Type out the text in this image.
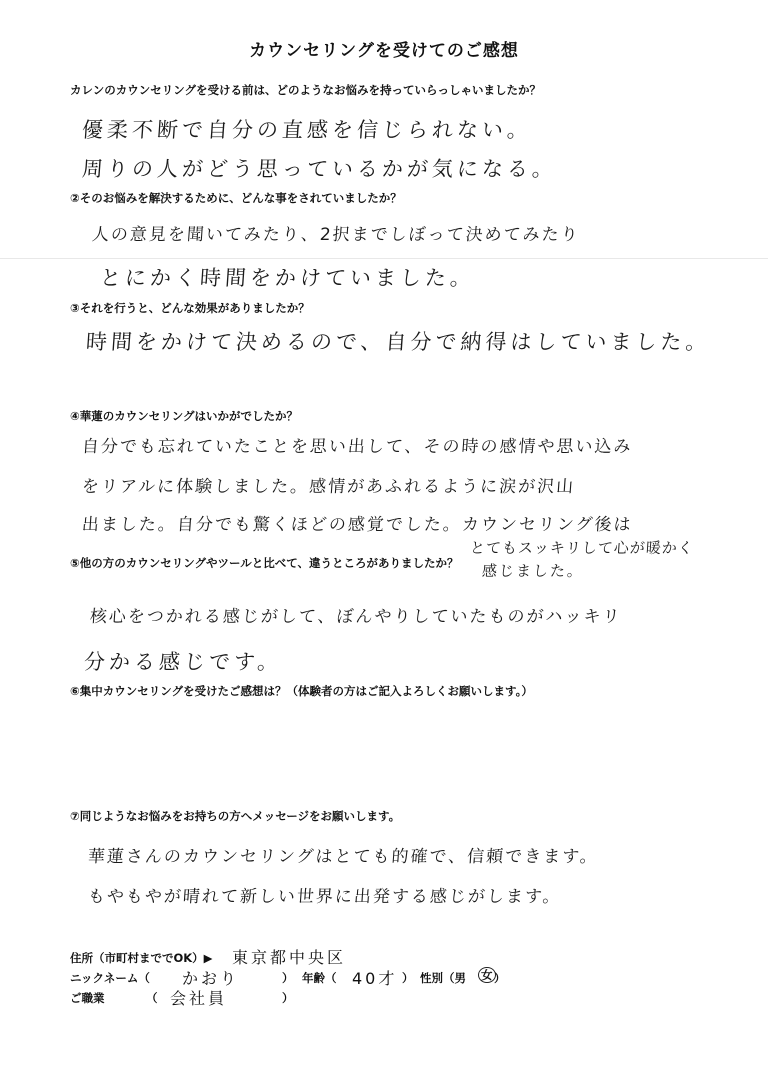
カウンセリングを受けてのご感想
カレンのカウンセリングを受ける前は、どのようなお悩みを持っていらっしゃいましたか？
優柔不断で自分の直感を信じられない。
周りの人がどう思っているかが気になる。
②そのお悩みを解決するために、どんな事をされていましたか？
人の意見を聞いてみたり、2択までしぼって決めてみたり
とにかく時間をかけていました。
③それを行うと、どんな効果がありましたか？
時間をかけて決めるので、自分で納得はしていました。
④華蓮のカウンセリングはいかがでしたか？
自分でも忘れていたことを思い出して、その時の感情や思い込み
をリアルに体験しました。感情があふれるように涙が沢山
出ました。自分でも驚くほどの感覚でした。カウンセリング後は
とてもスッキリして心が暖かく
感じました。
⑤他の方のカウンセリングやツールと比べて、違うところがありましたか？
核心をつかれる感じがして、ぼんやりしていたものがハッキリ
分かる感じです。
⑥集中カウンセリングを受けたご感想は？（体験者の方はご記入よろしくお願いします。）
⑦同じようなお悩みをお持ちの方へメッセージをお願いします。
華蓮さんのカウンセリングはとても的確で、信頼できます。
もやもやが晴れて新しい世界に出発する感じがします。
住所（市町村まででOK）▶ 東京都中央区
ニックネーム（ かおり	） 年齢（ 40才 ） 性別（男 女 ）
ご職業	（ 会社員	）
